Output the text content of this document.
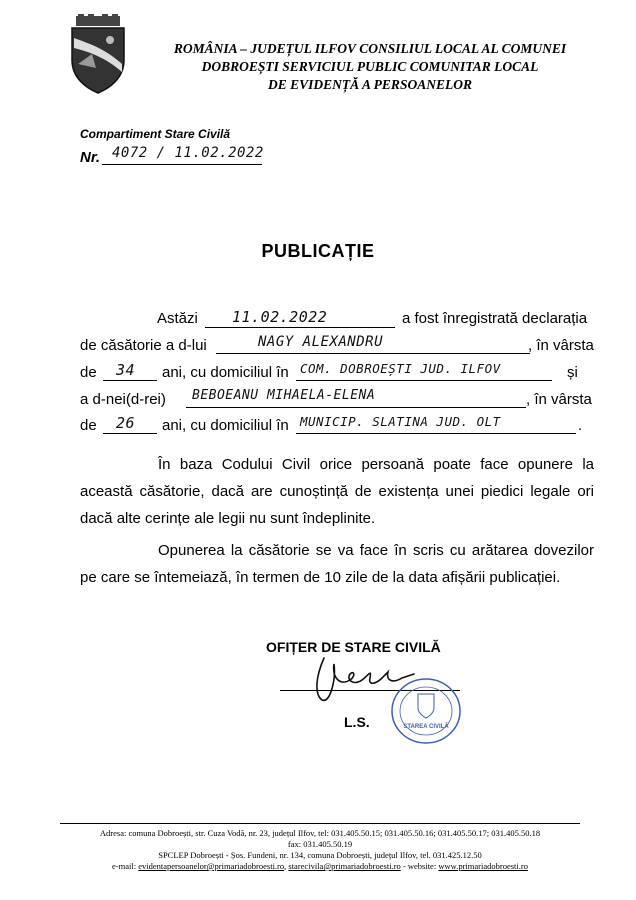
ROMÂNIA – JUDEȚUL ILFOV CONSILIUL LOCAL AL COMUNEI
DOBROEȘTI SERVICIUL PUBLIC COMUNITAR LOCAL
DE EVIDENȚĂ A PERSOANELOR
Compartiment Stare Civilă
Nr. 4072 / 11.02.2022
PUBLICAȚIE
Astăzi 11.02.2022	a fost înregistrată declarația
de căsătorie a d-lui	NAGY ALEXANDRU	, în vârsta
de 34 ani, cu domiciliul în COM. DOBROEȘTI JUD. ILFOV	și
a d-nei(d-rei) BEBOEANU MIHAELA-ELENA	, în vârsta
de 26 ani, cu domiciliul în MUNICIP. SLATINA JUD. OLT	.
În baza Codului Civil orice persoană poate face opunere la această căsătorie, dacă are cunoștință de existența unei piedici legale ori dacă alte cerințe ale legii nu sunt îndeplinite.
Opunerea la căsătorie se va face în scris cu arătarea dovezilor pe care se întemeiază, în termen de 10 zile de la data afișării publicației.
OFIȚER DE STARE CIVILĂ
L.S.	STAREA CIVILĂ
Adresa: comuna Dobroești, str. Cuza Vodă, nr. 23, județul Ilfov, tel: 031.405.50.15; 031.405.50.16; 031.405.50.17; 031.405.50.18
fax: 031.405.50.19
SPCLEP Dobroești - Șos. Fundeni, nr. 134, comuna Dobroești, județul Ilfov, tel. 031.425.12.50
e-mail: evidentapersoanelor@primariadobroesti.ro, starecivila@primariadobroesti.ro - website: www.primariadobroesti.ro
